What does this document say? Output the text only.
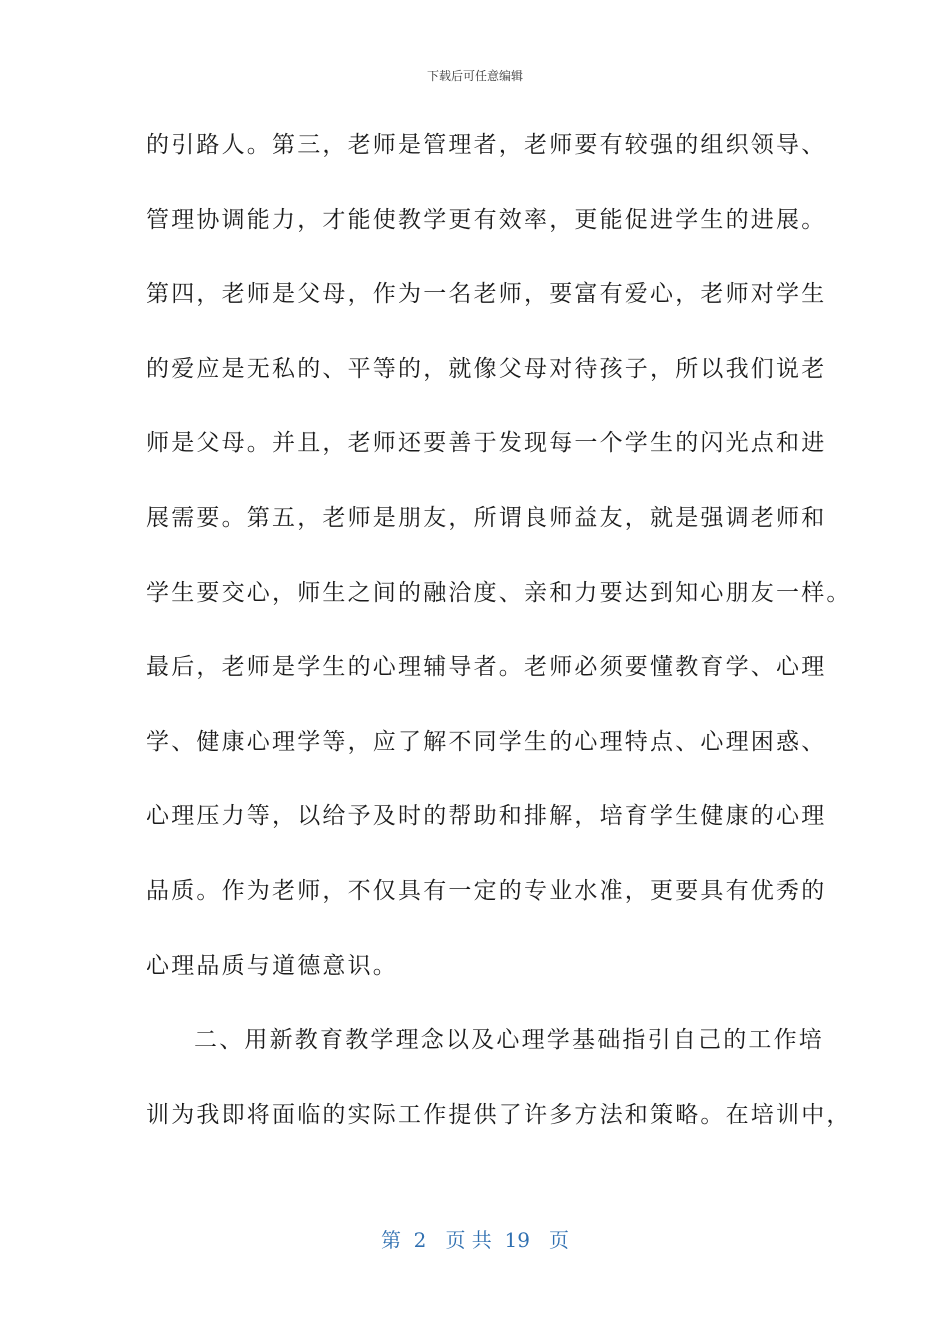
下载后可任意编辑
的引路人。第三，老师是管理者，老师要有较强的组织领导、
管理协调能力，才能使教学更有效率，更能促进学生的进展。
第四，老师是父母，作为一名老师，要富有爱心，老师对学生
的爱应是无私的、平等的，就像父母对待孩子，所以我们说老
师是父母。并且，老师还要善于发现每一个学生的闪光点和进
展需要。第五，老师是朋友，所谓良师益友，就是强调老师和
学生要交心，师生之间的融洽度、亲和力要达到知心朋友一样。
最后，老师是学生的心理辅导者。老师必须要懂教育学、心理
学、健康心理学等，应了解不同学生的心理特点、心理困惑、
心理压力等，以给予及时的帮助和排解，培育学生健康的心理
品质。作为老师，不仅具有一定的专业水准，更要具有优秀的
心理品质与道德意识。
二、用新教育教学理念以及心理学基础指引自己的工作培
训为我即将面临的实际工作提供了许多方法和策略。在培训中，
第  2   页 共  19   页
